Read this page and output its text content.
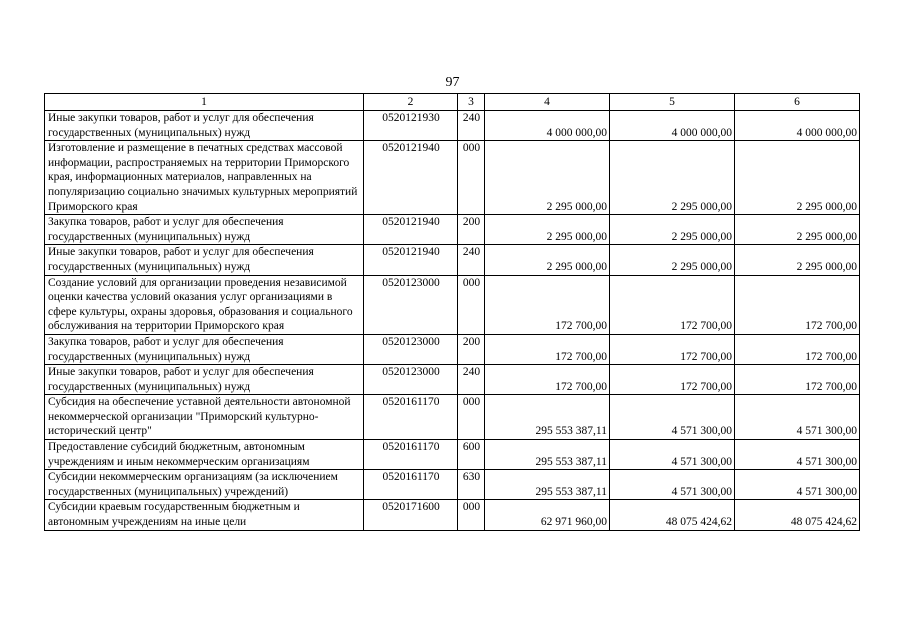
97
1	2	3	4	5	6
Иные закупки товаров, работ и услуг для обеспечения государственных (муниципальных) нужд	0520121930	240	4 000 000,00	4 000 000,00	4 000 000,00
Изготовление и размещение в печатных средствах массовой информации, распространяемых на территории Приморского края, информационных материалов, направленных на популяризацию социально значимых культурных мероприятий Приморского края	0520121940	000	2 295 000,00	2 295 000,00	2 295 000,00
Закупка товаров, работ и услуг для обеспечения государственных (муниципальных) нужд	0520121940	200	2 295 000,00	2 295 000,00	2 295 000,00
Иные закупки товаров, работ и услуг для обеспечения государственных (муниципальных) нужд	0520121940	240	2 295 000,00	2 295 000,00	2 295 000,00
Создание условий для организации проведения независимой оценки качества условий оказания услуг организациями в сфере культуры, охраны здоровья, образования и социального обслуживания на территории Приморского края	0520123000	000	172 700,00	172 700,00	172 700,00
Закупка товаров, работ и услуг для обеспечения государственных (муниципальных) нужд	0520123000	200	172 700,00	172 700,00	172 700,00
Иные закупки товаров, работ и услуг для обеспечения государственных (муниципальных) нужд	0520123000	240	172 700,00	172 700,00	172 700,00
Субсидия на обеспечение уставной деятельности автономной некоммерческой организации "Приморский культурно-исторический центр"	0520161170	000	295 553 387,11	4 571 300,00	4 571 300,00
Предоставление субсидий бюджетным, автономным учреждениям и иным некоммерческим организациям	0520161170	600	295 553 387,11	4 571 300,00	4 571 300,00
Субсидии некоммерческим организациям (за исключением государственных (муниципальных) учреждений)	0520161170	630	295 553 387,11	4 571 300,00	4 571 300,00
Субсидии краевым государственным бюджетным и автономным учреждениям на иные цели	0520171600	000	62 971 960,00	48 075 424,62	48 075 424,62
